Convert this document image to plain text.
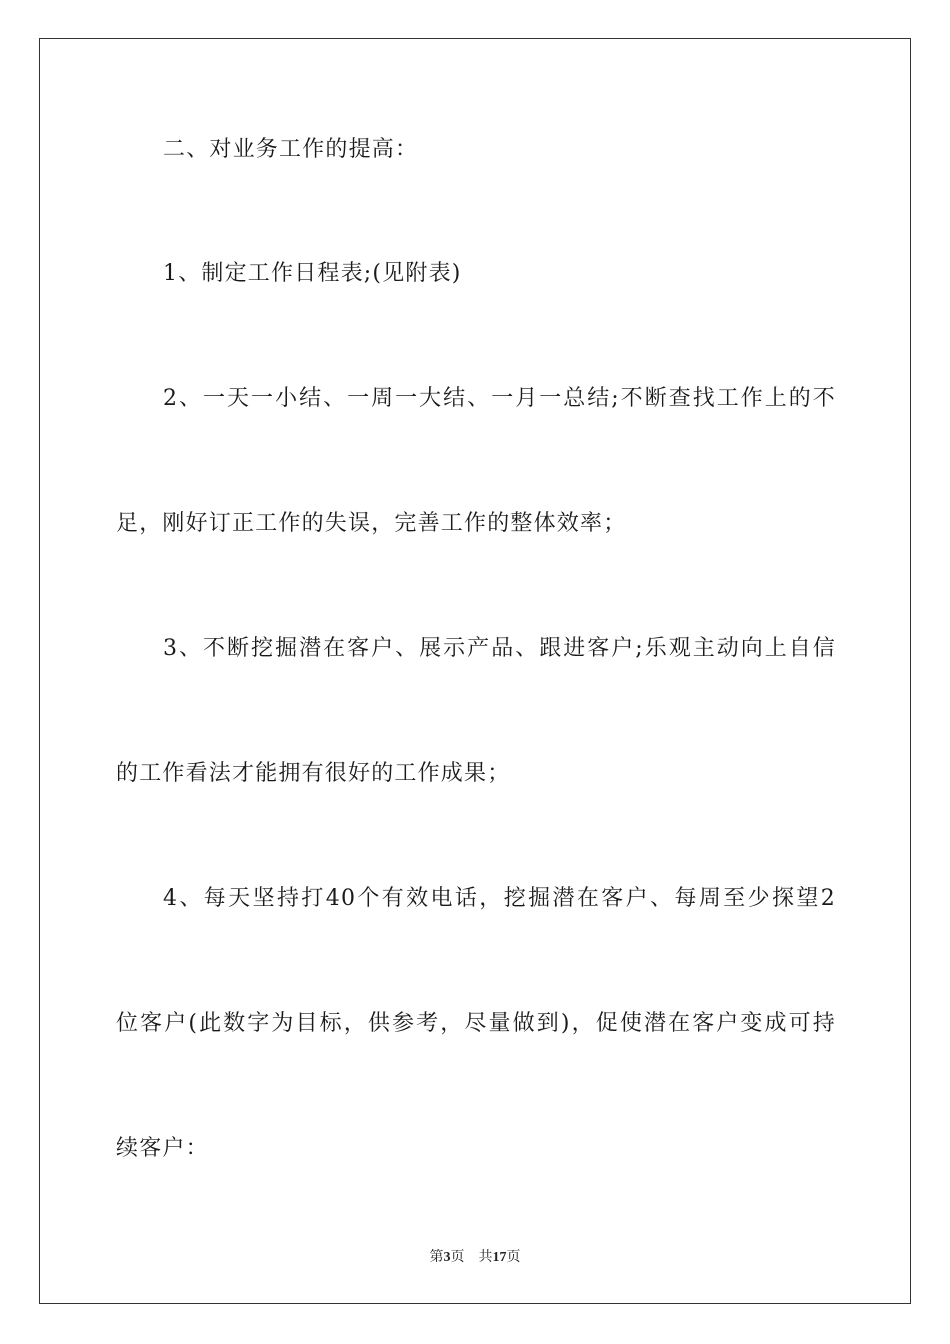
二、对业务工作的提高：
1、制定工作日程表;(见附表)
2、一天一小结、一周一大结、一月一总结;不断查找工作上的不
足，刚好订正工作的失误，完善工作的整体效率；
3、不断挖掘潜在客户、展示产品、跟进客户;乐观主动向上自信
的工作看法才能拥有很好的工作成果；
4、每天坚持打40个有效电话，挖掘潜在客户、每周至少探望2
位客户(此数字为目标，供参考，尽量做到)，促使潜在客户变成可持
续客户：
第3页 共17页
